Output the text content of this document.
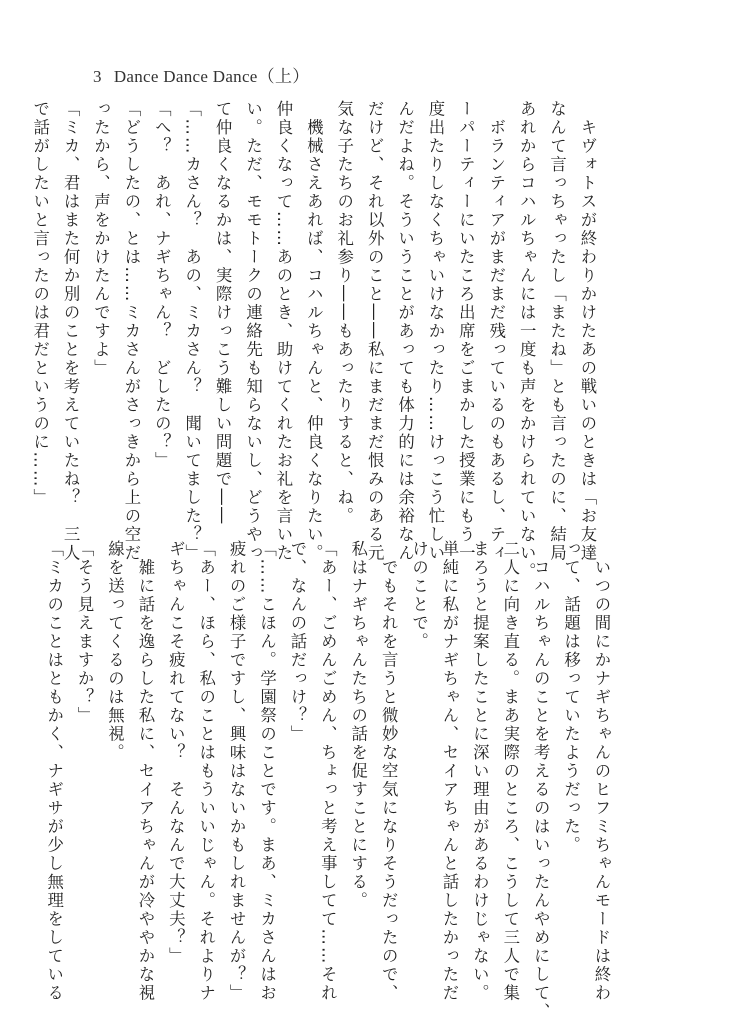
3 Dance Dance Dance（上）
　キヴォトスが終わりかけたあの戦いのときは「お友達
なんて言っちゃったし「またね」とも言ったのに、結局
あれからコハルちゃんには一度も声をかけられていない。
　ボランティアがまだまだ残っているのもあるし、ティ
ーパーティーにいたころ出席をごまかした授業にもう一
度出たりしなくちゃいけなかったり……けっこう忙しい
んだよね。そういうことがあっても体力的には余裕なん
だけど、それ以外のこと――私にまだまだ恨みのある元
気な子たちのお礼参り――もあったりすると、ね。
　機械さえあれば、コハルちゃんと、仲良くなりたい。
仲良くなって……あのとき、助けてくれたお礼を言いた
い。ただ、モモトークの連絡先も知らないし、どうやっ
て仲良くなるかは、実際けっこう難しい問題で――
「……カさん？　あの、ミカさん？　聞いてました？」
「へ？　あれ、ナギちゃん？　どしたの？」
「どうしたの、とは……ミカさんがさっきから上の空だ
ったから、声をかけたんですよ」
「ミカ、君はまた何か別のことを考えていたね？　三人
で話がしたいと言ったのは君だというのに……」
　いつの間にかナギちゃんのヒフミちゃんモードは終わ
って、話題は移っていたようだった。
　コハルちゃんのことを考えるのはいったんやめにして、
二人に向き直る。まあ実際のところ、こうして三人で集
まろうと提案したことに深い理由があるわけじゃない。
単純に私がナギちゃん、セイアちゃんと話したかっただ
けのことで。
　でもそれを言うと微妙な空気になりそうだったので、
私はナギちゃんたちの話を促すことにする。
「あー、ごめんごめん、ちょっと考え事してて……それ
で、なんの話だっけ？」
「……こほん。学園祭のことです。まあ、ミカさんはお
疲れのご様子ですし、興味はないかもしれませんが？」
「あー、ほら、私のことはもういいじゃん。それよりナ
ギちゃんこそ疲れてない？　そんなんで大丈夫？」
　雑に話を逸らした私に、セイアちゃんが冷ややかな視
線を送ってくるのは無視。
「そう見えますか？」
「ミカのことはともかく、ナギサが少し無理をしている
